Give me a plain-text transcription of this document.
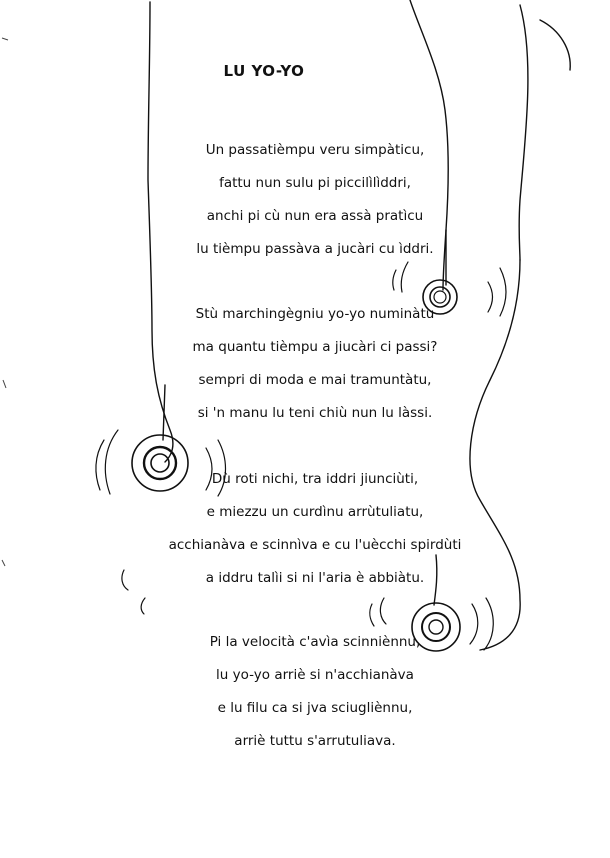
LU YO-YO
Un passatièmpu veru simpàticu,
fattu nun sulu pi piccilìlìddri,
anchi pi cù nun era assà pratìcu
lu tièmpu passàva a jucàri cu ìddri.
Stù marchingègniu yo-yo numinàtu
ma quantu tièmpu a jiucàri ci passi?
sempri di moda e mai tramuntàtu,
si 'n manu lu teni chiù nun lu làssi.
Dù roti nichi, tra iddri jiunciùti,
e miezzu un curdìnu arrùtuliatu,
acchianàva e scinnìva e cu l'uècchi spirdùti
a iddru talìi si ni l'aria è abbiàtu.
Pi la velocità c'avìa scinniènnu,
lu yo-yo arriè si n'acchianàva
e lu filu ca si jva sciugliènnu,
arriè tuttu s'arrutuliava.
